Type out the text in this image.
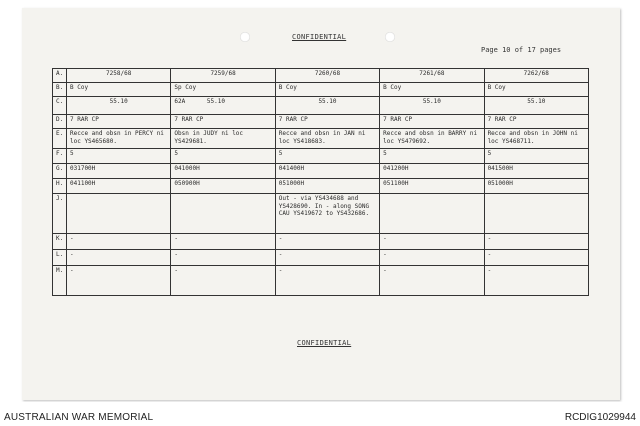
CONFIDENTIAL
Page 10 of 17 pages
A.	7258/68	7259/68	7260/68	7261/68	7262/68
B.	B Coy	Sp Coy	B Coy	B Coy	B Coy
C.	55.10	62A      55.10	55.10	55.10	55.10
D.	7 RAR CP	7 RAR CP	7 RAR CP	7 RAR CP	7 RAR CP
E.	Recce and obsn in PERCY ni loc YS465680.	Obsn in JUDY ni loc YS429681.	Recce and obsn in JAN ni loc YS418683.	Recce and obsn in BARRY ni loc YS479692.	Recce and obsn in JOHN ni loc YS468711.
F.	5	5	5	5	5
G.	031700H	041000H	041400H	041200H	041500H
H.	041100H	050900H	051000H	051100H	051000H
J.			Out - via YS434688 and YS428690. In - along SONG CAU YS419672 to YS432686.		
K.	-	-	-	-	-
L.	-	-	-	-	-
M.	-	-	-	-	-
CONFIDENTIAL
AUSTRALIAN WAR MEMORIAL	RCDIG1029944
